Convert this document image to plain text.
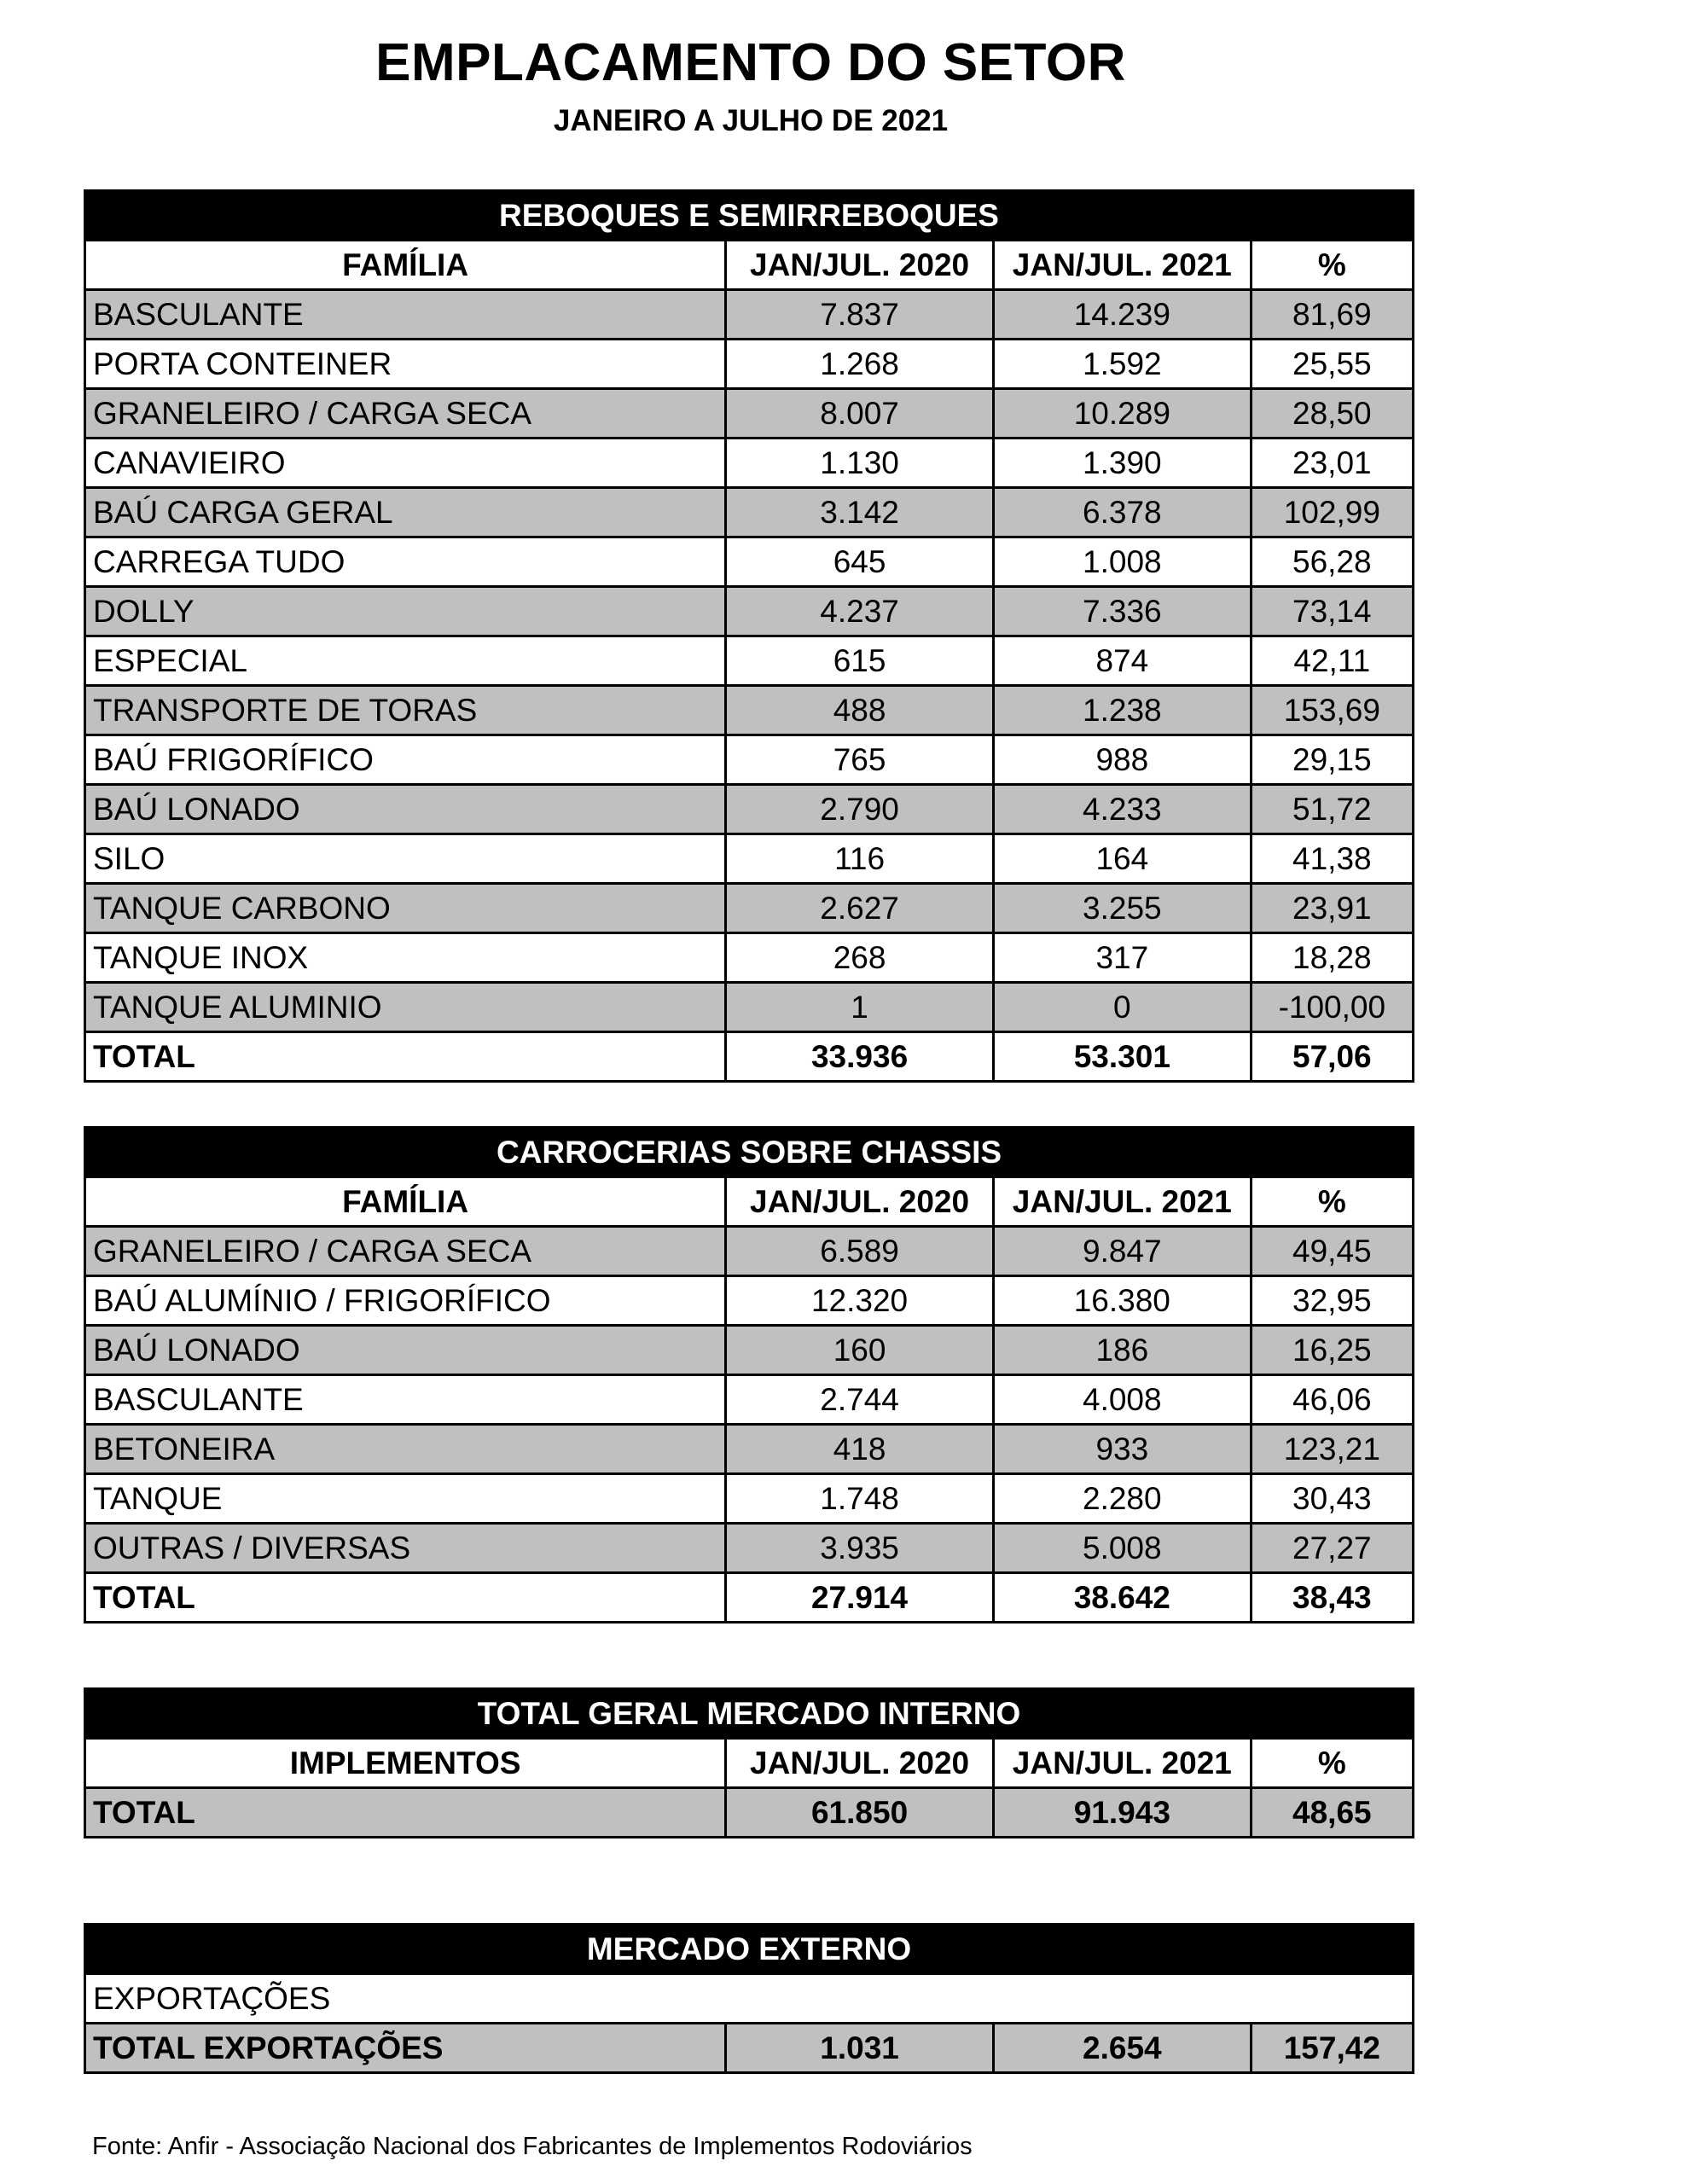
EMPLACAMENTO DO SETOR
JANEIRO A JULHO DE 2021
REBOQUES E SEMIRREBOQUES			
FAMÍLIA	JAN/JUL. 2020	JAN/JUL. 2021	%
BASCULANTE	7.837	14.239	81,69
PORTA CONTEINER	1.268	1.592	25,55
GRANELEIRO / CARGA SECA	8.007	10.289	28,50
CANAVIEIRO	1.130	1.390	23,01
BAÚ CARGA GERAL	3.142	6.378	102,99
CARREGA TUDO	645	1.008	56,28
DOLLY	4.237	7.336	73,14
ESPECIAL	615	874	42,11
TRANSPORTE DE TORAS	488	1.238	153,69
BAÚ FRIGORÍFICO	765	988	29,15
BAÚ LONADO	2.790	4.233	51,72
SILO	116	164	41,38
TANQUE CARBONO	2.627	3.255	23,91
TANQUE INOX	268	317	18,28
TANQUE ALUMINIO	1	0	-100,00
TOTAL	33.936	53.301	57,06
CARROCERIAS SOBRE CHASSIS			
FAMÍLIA	JAN/JUL. 2020	JAN/JUL. 2021	%
GRANELEIRO / CARGA SECA	6.589	9.847	49,45
BAÚ ALUMÍNIO / FRIGORÍFICO	12.320	16.380	32,95
BAÚ LONADO	160	186	16,25
BASCULANTE	2.744	4.008	46,06
BETONEIRA	418	933	123,21
TANQUE	1.748	2.280	30,43
OUTRAS / DIVERSAS	3.935	5.008	27,27
TOTAL	27.914	38.642	38,43
TOTAL GERAL MERCADO INTERNO			
IMPLEMENTOS	JAN/JUL. 2020	JAN/JUL. 2021	%
TOTAL	61.850	91.943	48,65
MERCADO EXTERNO
EXPORTAÇÕES
TOTAL EXPORTAÇÕES	1.031	2.654	157,42

Fonte: Anfir - Associação Nacional dos Fabricantes de Implementos Rodoviários
